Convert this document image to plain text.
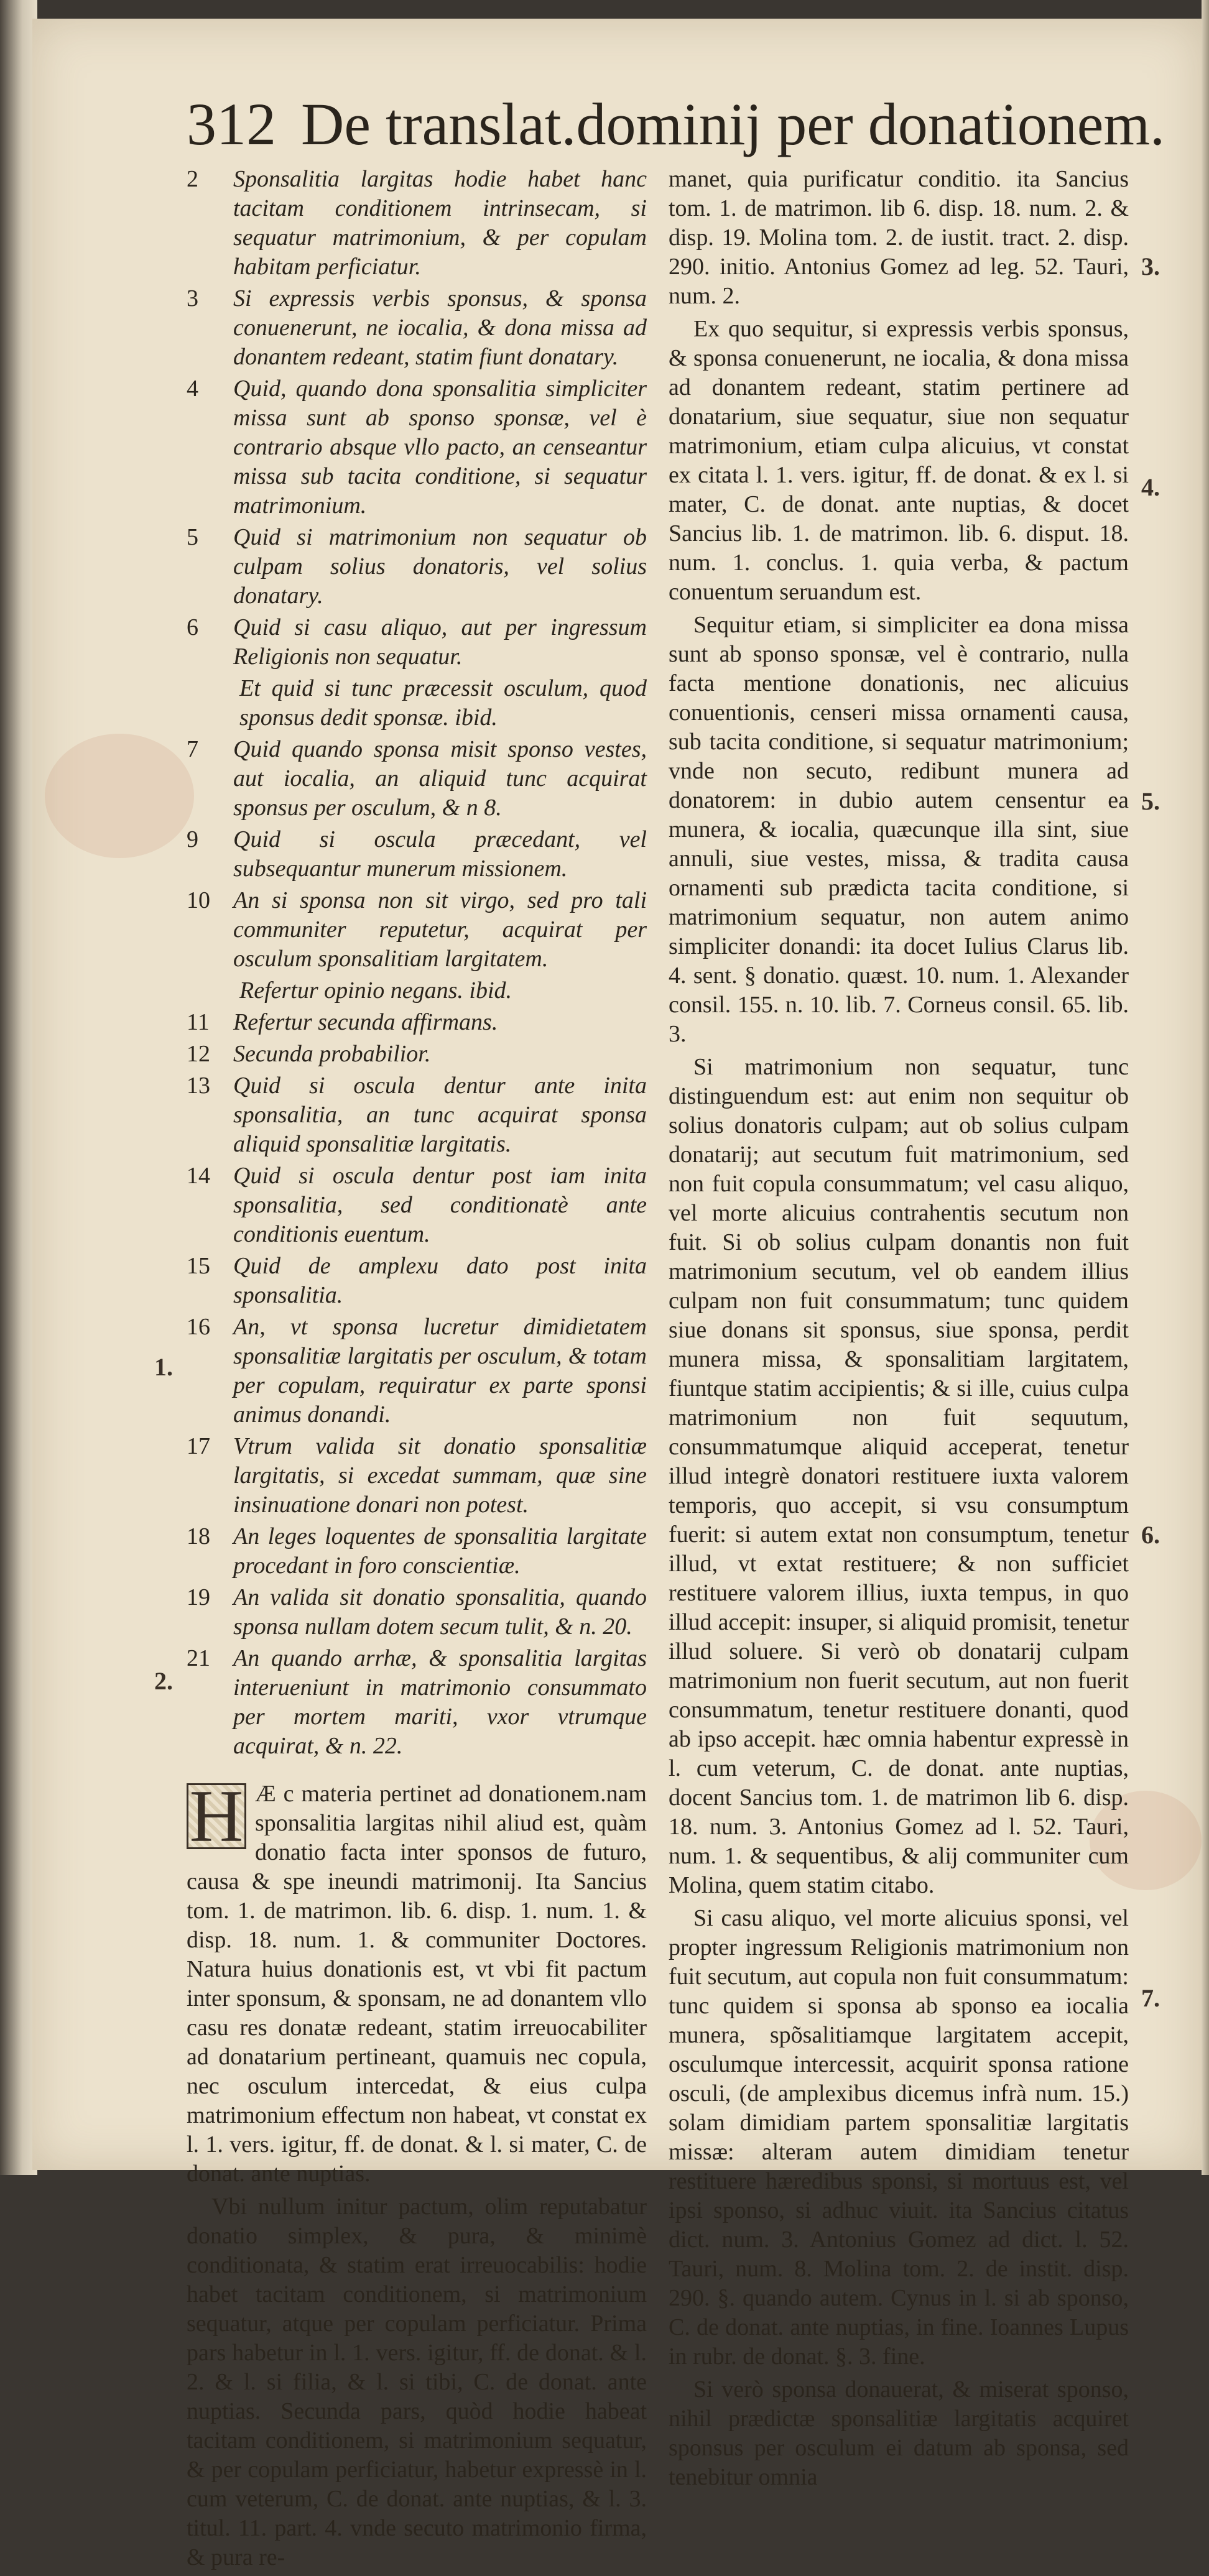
312 De translat.dominij per donationem.
2	Sponsalitia largitas hodie habet hanc tacitam conditionem intrinsecam, si sequatur matrimonium, & per copulam habitam perficiatur.
3	Si expressis verbis sponsus, & sponsa conuenerunt, ne iocalia, & dona missa ad donantem redeant, statim fiunt donatary.
4	Quid, quando dona sponsalitia simpliciter missa sunt ab sponso sponsæ, vel è contrario absque vllo pacto, an censeantur missa sub tacita conditione, si sequatur matrimonium.
5	Quid si matrimonium non sequatur ob culpam solius donatoris, vel solius donatary.
6	Quid si casu aliquo, aut per ingressum Religionis non sequatur.
Et quid si tunc præcessit osculum, quod sponsus dedit sponsæ. ibid.
7	Quid quando sponsa misit sponso vestes, aut iocalia, an aliquid tunc acquirat sponsus per osculum, & n 8.
9	Quid si oscula præcedant, vel subsequantur munerum missionem.
10 An si sponsa non sit virgo, sed pro tali communiter reputetur, acquirat per osculum sponsalitiam largitatem.
Refertur opinio negans. ibid.
11	Refertur secunda affirmans.
12 Secunda probabilior.
13 Quid si oscula dentur ante inita sponsalitia, an tunc acquirat sponsa aliquid sponsalitiæ largitatis.
14 Quid si oscula dentur post iam inita sponsalitia, sed conditionatè ante conditionis euentum.
15 Quid de amplexu dato post inita sponsalitia.
16 An, vt sponsa lucretur dimidietatem sponsalitiæ largitatis per osculum, & totam per copulam, requiratur ex parte sponsi animus donandi.
17 Vtrum valida sit donatio sponsalitiæ largitatis, si excedat summam, quæ sine insinuatione donari non potest.
18 An leges loquentes de sponsalitia largitate procedant in foro conscientiæ.
19 An valida sit donatio sponsalitia, quando sponsa nullam dotem secum tulit, & n. 20.
21 An quando arrhæ, & sponsalitia largitas interueniunt in matrimonio consummato per mortem mariti, vxor vtrumque acquirat, & n. 22.

H Æ c materia pertinet ad donationem.nam sponsalitia largitas nihil aliud est, quàm donatio facta inter sponsos de futuro, causa & spe ineundi matrimonij. Ita Sancius tom. 1. de matrimon. lib. 6. disp. 1. num. 1. & disp. 18. num. 1. & communiter Doctores. Natura huius donationis est, vt vbi fit pactum inter sponsum, & sponsam, ne ad donantem vllo casu res donatæ redeant, statim irreuocabiliter ad donatarium pertineant, quamuis nec copula, nec osculum intercedat, & eius culpa matrimonium effectum non habeat, vt constat ex l. 1. vers. igitur, ff. de donat. & l. si mater, C. de donat. ante nuptias.

Vbi nullum initur pactum, olim reputabatur donatio simplex, & pura, & minimè conditionata, & statim erat irreuocabilis: hodie habet tacitam conditionem, si matrimonium sequatur, atque per copulam perficiatur. Prima pars habetur in l. 1. vers. igitur, ff. de donat. & l. 2. & l. si filia, & l. si tibi, C. de donat. ante nuptias. Secunda pars, quòd hodie habeat tacitam conditionem, si matrimonium sequatur, & per copulam perficiatur, habetur expressè in l. cum veterum, C. de donat. ante nuptias, & l. 3. titul. 11. part. 4. vnde secuto matrimonio firma, & pura re-

manet, quia purificatur conditio. ita Sancius tom. 1. de matrimon. lib 6. disp. 18. num. 2. & disp. 19. Molina tom. 2. de iustit. tract. 2. disp. 290. initio. Antonius Gomez ad leg. 52. Tauri, num. 2.

Ex quo sequitur, si expressis verbis sponsus, & sponsa conuenerunt, ne iocalia, & dona missa ad donantem redeant, statim pertinere ad donatarium, siue sequatur, siue non sequatur matrimonium, etiam culpa alicuius, vt constat ex citata l. 1. vers. igitur, ff. de donat. & ex l. si mater, C. de donat. ante nuptias, & docet Sancius lib. 1. de matrimon. lib. 6. disput. 18. num. 1. conclus. 1. quia verba, & pactum conuentum seruandum est.

Sequitur etiam, si simpliciter ea dona missa sunt ab sponso sponsæ, vel è contrario, nulla facta mentione donationis, nec alicuius conuentionis, censeri missa ornamenti causa, sub tacita conditione, si sequatur matrimonium; vnde non secuto, redibunt munera ad donatorem: in dubio autem censentur ea munera, & iocalia, quæcunque illa sint, siue annuli, siue vestes, missa, & tradita causa ornamenti sub prædicta tacita conditione, si matrimonium sequatur, non autem animo simpliciter donandi: ita docet Iulius Clarus lib. 4. sent. § donatio. quæst. 10. num. 1. Alexander consil. 155. n. 10. lib. 7. Corneus consil. 65. lib. 3.

Si matrimonium non sequatur, tunc distinguendum est: aut enim non sequitur ob solius donatoris culpam; aut ob solius culpam donatarij; aut secutum fuit matrimonium, sed non fuit copula consummatum; vel casu aliquo, vel morte alicuius contrahentis secutum non fuit. Si ob solius culpam donantis non fuit matrimonium secutum, vel ob eandem illius culpam non fuit consummatum; tunc quidem siue donans sit sponsus, siue sponsa, perdit munera missa, & sponsalitiam largitatem, fiuntque statim accipientis; & si ille, cuius culpa matrimonium non fuit sequutum, consummatumque aliquid acceperat, tenetur illud integrè donatori restituere iuxta valorem temporis, quo accepit, si vsu consumptum fuerit: si autem extat non consumptum, tenetur illud, vt extat restituere; & non sufficiet restituere valorem illius, iuxta tempus, in quo illud accepit: insuper, si aliquid promisit, tenetur illud soluere. Si verò ob donatarij culpam matrimonium non fuerit secutum, aut non fuerit consummatum, tenetur restituere donanti, quod ab ipso accepit. hæc omnia habentur expressè in l. cum veterum, C. de donat. ante nuptias, docent Sancius tom. 1. de matrimon lib 6. disp. 18. num. 3. Antonius Gomez ad l. 52. Tauri, num. 1. & sequentibus, & alij communiter cum Molina, quem statim citabo.

Si casu aliquo, vel morte alicuius sponsi, vel propter ingressum Religionis matrimonium non fuit secutum, aut copula non fuit consummatum: tunc quidem si sponsa ab sponso ea iocalia munera, spõsalitiamque largitatem accepit, osculumque intercessit, acquirit sponsa ratione osculi, (de amplexibus dicemus infrà num. 15.) solam dimidiam partem sponsalitiæ largitatis missæ: alteram autem dimidiam tenetur restituere hæredibus sponsi, si mortuus est, vel ipsi sponso, si adhuc viuit. ita Sancius citatus dict. num. 3. Antonius Gomez ad dict. l. 52. Tauri, num. 8. Molina tom. 2. de instit. disp. 290. §. quando autem. Cynus in l. si ab sponso, C. de donat. ante nuptias, in fine. Ioannes Lupus in rubr. de donat. §. 3. fine.

Si verò sponsa donauerat, & miserat sponso, nihil prædictæ sponsalitiæ largitatis acquiret sponsus per osculum ei datum ab sponsa, sed tenebitur omnia

1.
2.
3.
4.
5.
6.
7.
